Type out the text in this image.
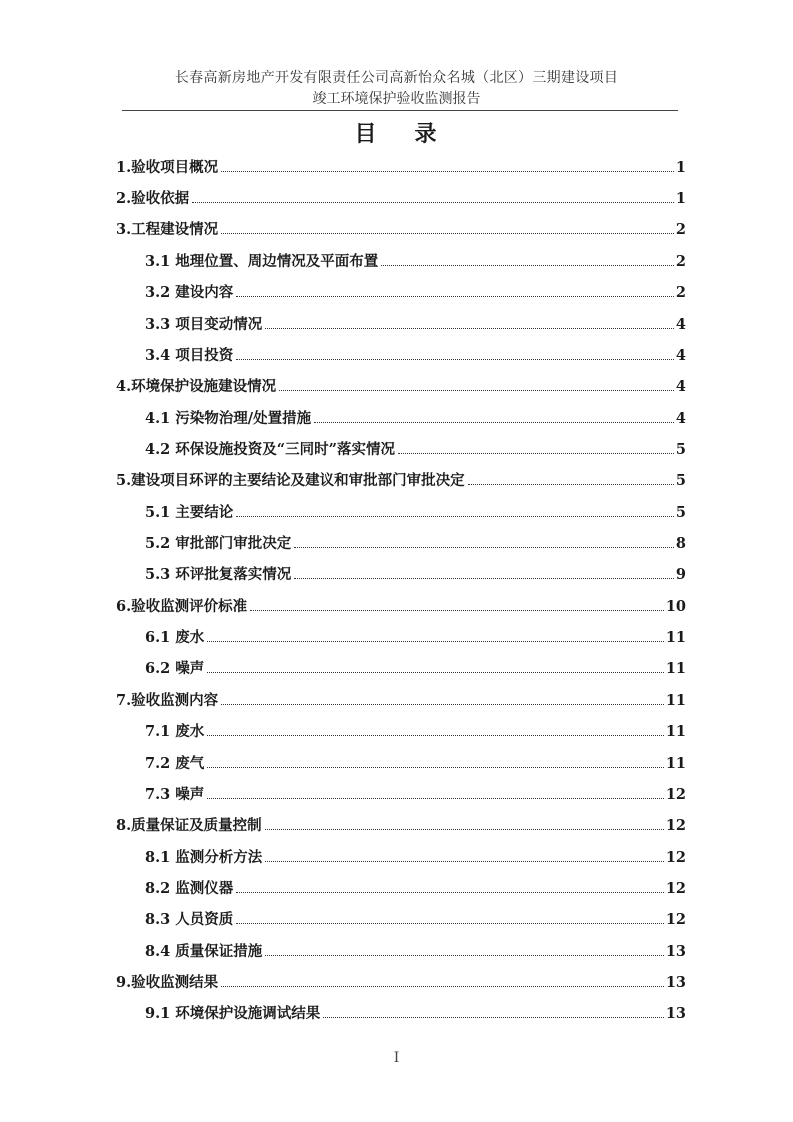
长春高新房地产开发有限责任公司高新怡众名城（北区）三期建设项目
竣工环境保护验收监测报告
目 录
1.验收项目概况	1
2.验收依据	1
3.工程建设情况	2
3.1 地理位置、周边情况及平面布置	2
3.2 建设内容	2
3.3 项目变动情况	4
3.4 项目投资	4
4.环境保护设施建设情况	4
4.1 污染物治理/处置措施	4
4.2 环保设施投资及“三同时”落实情况	5
5.建设项目环评的主要结论及建议和审批部门审批决定	5
5.1 主要结论	5
5.2 审批部门审批决定	8
5.3 环评批复落实情况	9
6.验收监测评价标准	10
6.1 废水	11
6.2 噪声	11
7.验收监测内容	11
7.1 废水	11
7.2 废气	11
7.3 噪声	12
8.质量保证及质量控制	12
8.1 监测分析方法	12
8.2 监测仪器	12
8.3 人员资质	12
8.4 质量保证措施	13
9.验收监测结果	13
9.1 环境保护设施调试结果	13
I
